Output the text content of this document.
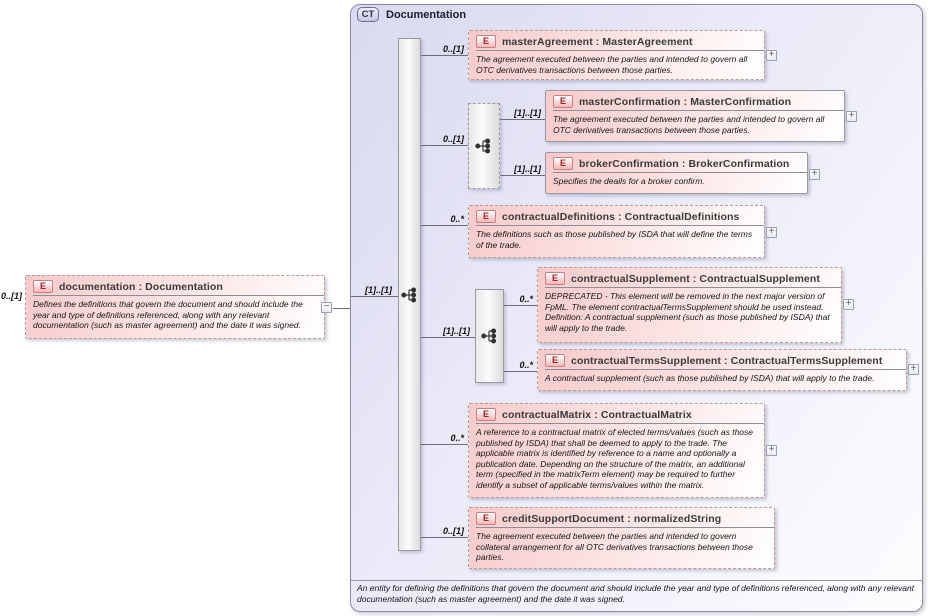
CT	Documentation
An entity for defining the definitions that govern the document and should include the year and type of definitions referenced, along with any relevant documentation (such as master agreement) and the date it was signed.
0..[1]
E	documentation : Documentation
Defines the definitions that govern the document and should include the year and type of definitions referenced, along with any relevant documentation (such as master agreement) and the date it was signed.
−
[1]..[1]
0..[1]
E	masterAgreement : MasterAgreement
The agreement executed between the parties and intended to govern all OTC derivatives transactions between those parties.
+
0..[1]
[1]..[1]
E	masterConfirmation : MasterConfirmation
The agreement executed between the parties and intended to govern all OTC derivatives transactions between those parties.
+
[1]..[1]
E	brokerConfirmation : BrokerConfirmation
Specifies the deails for a broker confirm.
+
0..*	E	contractualDefinitions : ContractualDefinitions
The definitions such as those published by ISDA that will define the terms of the trade.
+
[1]..[1]
0..*
E	contractualSupplement : ContractualSupplement
DEPRECATED - This element will be removed in the next major version of FpML. The element contractualTermsSupplement should be used instead. Definition: A contractual supplement (such as those published by ISDA) that will apply to the trade.
+
0..*	E	contractualTermsSupplement : ContractualTermsSupplement
A contractual supplement (such as those published by ISDA) that will apply to the trade.
+
0..*
E	contractualMatrix : ContractualMatrix
A reference to a contractual matrix of elected terms/values (such as those published by ISDA) that shall be deemed to apply to the trade. The applicable matrix is identified by reference to a name and optionally a publication date. Depending on the structure of the matrix, an additional term (specified in the matrixTerm element) may be required to further identify a subset of applicable terms/values within the matrix.
+
0..[1]
E	creditSupportDocument : normalizedString
The agreement executed between the parties and intended to govern collateral arrangement for all OTC derivatives transactions between those parties.
